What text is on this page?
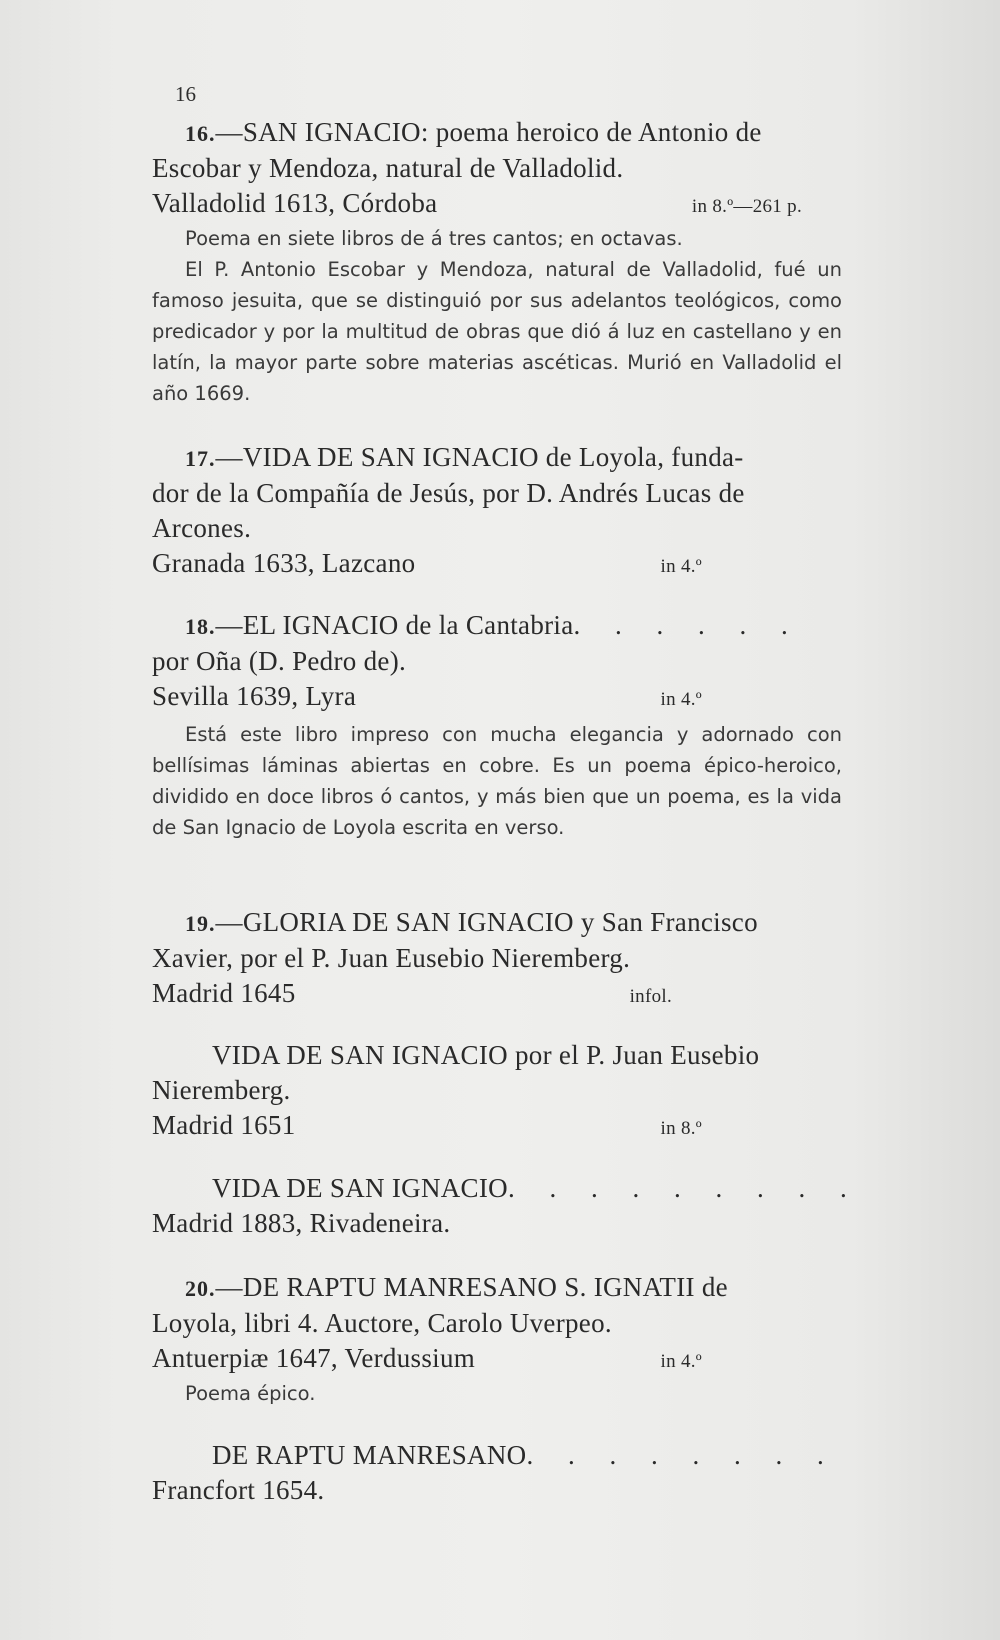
16
16.—SAN IGNACIO: poema heroico de Antonio de
Escobar y Mendoza, natural de Valladolid.
Valladolid 1613, Córdoba	in 8.º—261 p.
Poema en siete libros de á tres cantos; en octavas.
El P. Antonio Escobar y Mendoza, natural de Valladolid, fué un famoso jesuita, que se distinguió por sus adelantos teológicos, como predicador y por la multitud de obras que dió á luz en castellano y en latín, la mayor parte sobre materias ascéticas. Murió en Valladolid el año 1669.
17.—VIDA DE SAN IGNACIO de Loyola, funda-
dor de la Compañía de Jesús, por D. Andrés Lucas de
Arcones.
Granada 1633, Lazcano	in 4.º
18.—EL IGNACIO de la Cantabria. . . . . .
por Oña (D. Pedro de).
Sevilla 1639, Lyra	in 4.º
Está este libro impreso con mucha elegancia y adornado con bellísimas láminas abiertas en cobre. Es un poema épico-heroico, dividido en doce libros ó cantos, y más bien que un poema, es la vida de San Ignacio de Loyola escrita en verso.
19.—GLORIA DE SAN IGNACIO y San Francisco
Xavier, por el P. Juan Eusebio Nieremberg.
Madrid 1645	infol.
VIDA DE SAN IGNACIO por el P. Juan Eusebio
Nieremberg.
Madrid 1651	in 8.º
VIDA DE SAN IGNACIO. . . . . . . . .
Madrid 1883, Rivadeneira.
20.—DE RAPTU MANRESANO S. IGNATII de
Loyola, libri 4. Auctore, Carolo Uverpeo.
Antuerpiæ 1647, Verdussium	in 4.º
Poema épico.
DE RAPTU MANRESANO. . . . . . . .
Francfort 1654.
